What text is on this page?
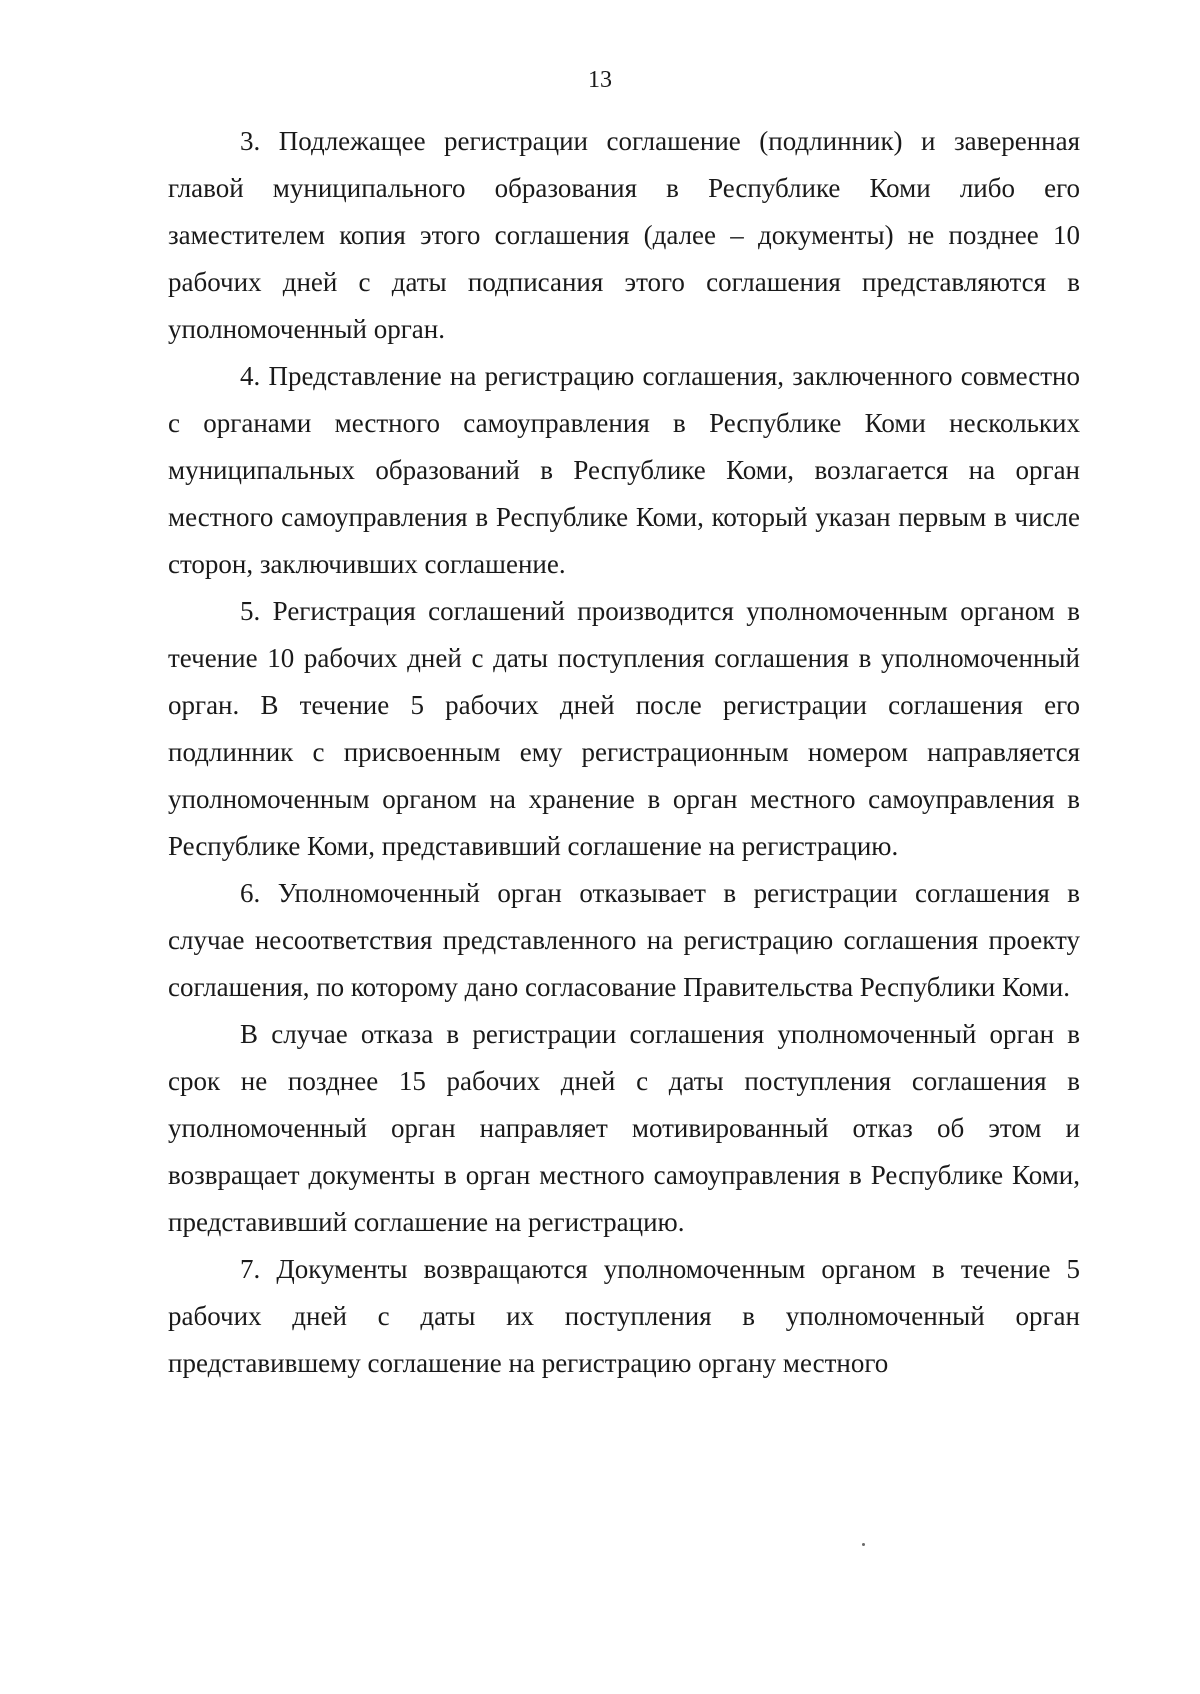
13

3. Подлежащее регистрации соглашение (подлинник) и заверенная главой муниципального образования в Республике Коми либо его заместителем копия этого соглашения (далее – документы) не позднее 10 рабочих дней с даты подписания этого соглашения представляются в уполномоченный орган.

4. Представление на регистрацию соглашения, заключенного совместно с органами местного самоуправления в Республике Коми нескольких муниципальных образований в Республике Коми, возлагается на орган местного самоуправления в Республике Коми, который указан первым в числе сторон, заключивших соглашение.

5. Регистрация соглашений производится уполномоченным органом в течение 10 рабочих дней с даты поступления соглашения в уполномоченный орган. В течение 5 рабочих дней после регистрации соглашения его подлинник с присвоенным ему регистрационным номером направляется уполномоченным органом на хранение в орган местного самоуправления в Республике Коми, представивший соглашение на регистрацию.

6. Уполномоченный орган отказывает в регистрации соглашения в случае несоответствия представленного на регистрацию соглашения проекту соглашения, по которому дано согласование Правительства Республики Коми.

В случае отказа в регистрации соглашения уполномоченный орган в срок не позднее 15 рабочих дней с даты поступления соглашения в уполномоченный орган направляет мотивированный отказ об этом и возвращает документы в орган местного самоуправления в Республике Коми, представивший соглашение на регистрацию.

7. Документы возвращаются уполномоченным органом в течение 5 рабочих дней с даты их поступления в уполномоченный орган представившему соглашение на регистрацию органу местного
